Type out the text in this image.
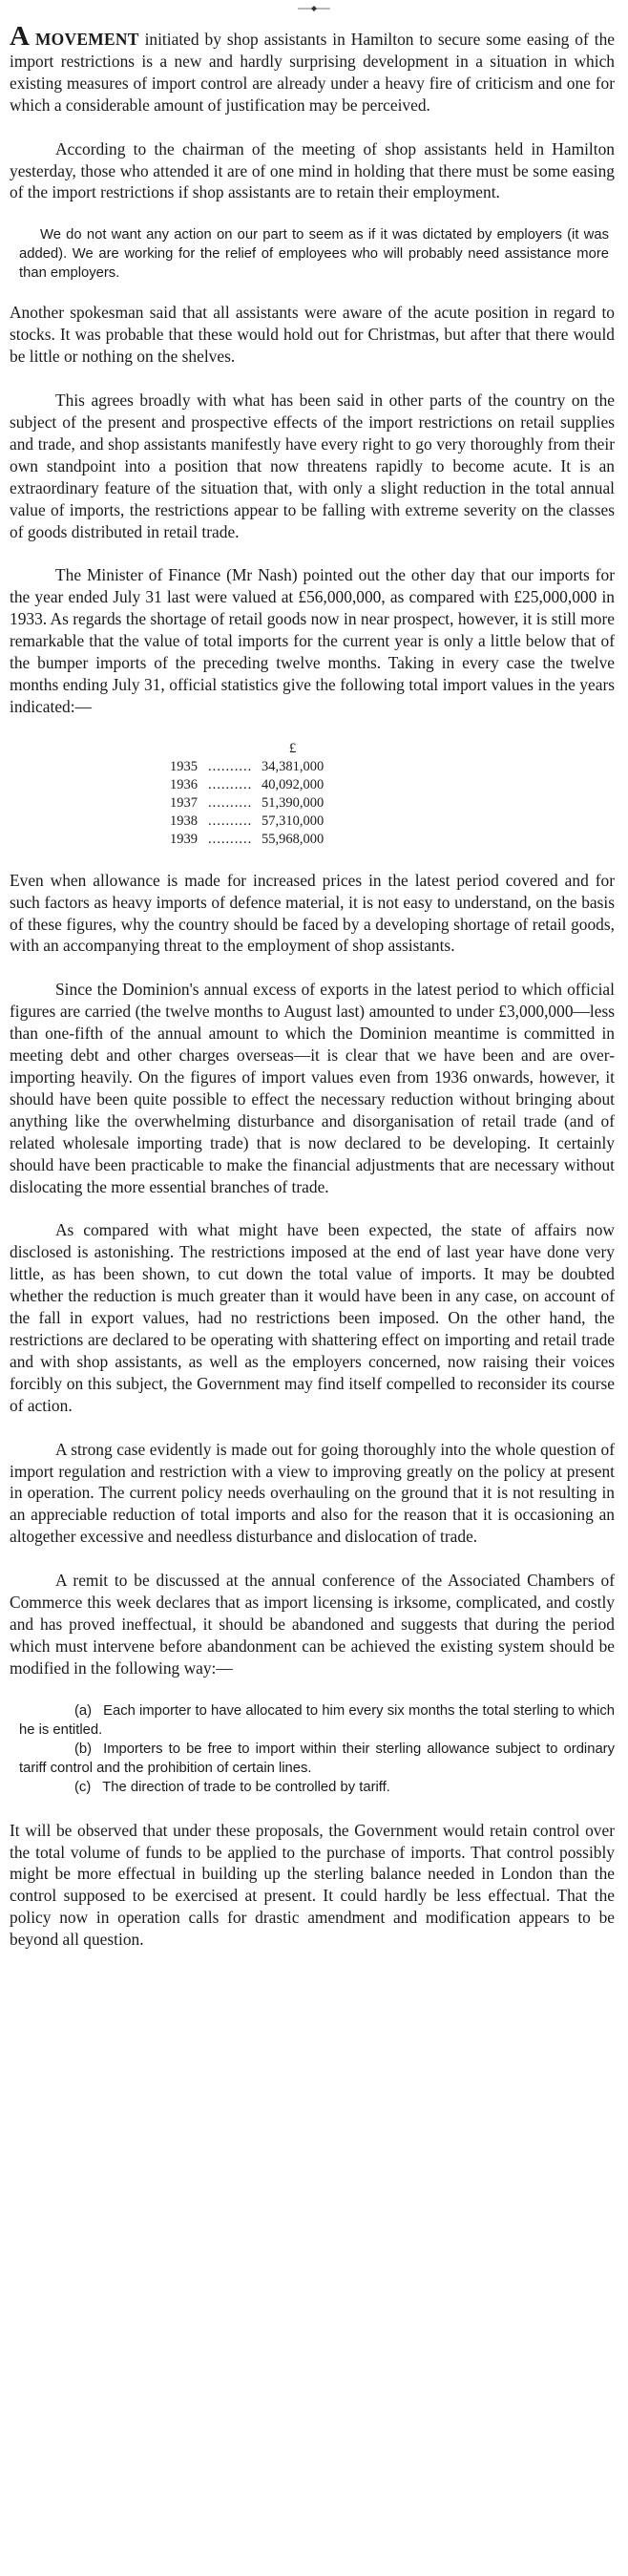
AMOVEMENT initiated by shop assistants in Hamilton to secure some easing of the import restrictions is a new and hardly surprising development in a situation in which existing measures of import control are already under a heavy fire of criticism and one for which a considerable amount of justification may be perceived.

According to the chairman of the meeting of shop assistants held in Hamilton yesterday, those who attended it are of one mind in holding that there must be some easing of the import restrictions if shop assistants are to retain their employment.

We do not want any action on our part to seem as if it was dictated by employers (it was added). We are working for the relief of employees who will probably need assistance more than employers.

Another spokesman said that all assistants were aware of the acute position in regard to stocks. It was probable that these would hold out for Christmas, but after that there would be little or nothing on the shelves.

This agrees broadly with what has been said in other parts of the country on the subject of the present and prospective effects of the import restrictions on retail supplies and trade, and shop assistants manifestly have every right to go very thoroughly from their own standpoint into a position that now threatens rapidly to become acute. It is an extraordinary feature of the situation that, with only a slight reduction in the total annual value of imports, the restrictions appear to be falling with extreme severity on the classes of goods distributed in retail trade.

The Minister of Finance (Mr Nash) pointed out the other day that our imports for the year ended July 31 last were valued at £56,000,000, as compared with £25,000,000 in 1933. As regards the shortage of retail goods now in near prospect, however, it is still more remarkable that the value of total imports for the current year is only a little below that of the bumper imports of the preceding twelve months. Taking in every case the twelve months ending July 31, official statistics give the following total import values in the years indicated:—

		£
1935	..........	34,381,000
1936	..........	40,092,000
1937	..........	51,390,000
1938	..........	57,310,000
1939	..........	55,968,000

Even when allowance is made for increased prices in the latest period covered and for such factors as heavy imports of defence material, it is not easy to understand, on the basis of these figures, why the country should be faced by a developing shortage of retail goods, with an accompanying threat to the employment of shop assistants.

Since the Dominion's annual excess of exports in the latest period to which official figures are carried (the twelve months to August last) amounted to under £3,000,000—less than one-fifth of the annual amount to which the Dominion meantime is committed in meeting debt and other charges overseas—it is clear that we have been and are over-importing heavily. On the figures of import values even from 1936 onwards, however, it should have been quite possible to effect the necessary reduction without bringing about anything like the overwhelming disturbance and disorganisation of retail trade (and of related wholesale importing trade) that is now declared to be developing. It certainly should have been practicable to make the financial adjustments that are necessary without dislocating the more essential branches of trade.

As compared with what might have been expected, the state of affairs now disclosed is astonishing. The restrictions imposed at the end of last year have done very little, as has been shown, to cut down the total value of imports. It may be doubted whether the reduction is much greater than it would have been in any case, on account of the fall in export values, had no restrictions been imposed. On the other hand, the restrictions are declared to be operating with shattering effect on importing and retail trade and with shop assistants, as well as the employers concerned, now raising their voices forcibly on this subject, the Government may find itself compelled to reconsider its course of action.

A strong case evidently is made out for going thoroughly into the whole question of import regulation and restriction with a view to improving greatly on the policy at present in operation. The current policy needs overhauling on the ground that it is not resulting in an appreciable reduction of total imports and also for the reason that it is occasioning an altogether excessive and needless disturbance and dislocation of trade.

A remit to be discussed at the annual conference of the Associated Chambers of Commerce this week declares that as import licensing is irksome, complicated, and costly and has proved ineffectual, it should be abandoned and suggests that during the period which must intervene before abandonment can be achieved the existing system should be modified in the following way:—

(a) Each importer to have allocated to him every six months the total sterling to which he is entitled.
(b) Importers to be free to import within their sterling allowance subject to ordinary tariff control and the prohibition of certain lines.
(c) The direction of trade to be controlled by tariff.

It will be observed that under these proposals, the Government would retain control over the total volume of funds to be applied to the purchase of imports. That control possibly might be more effectual in building up the sterling balance needed in London than the control supposed to be exercised at present. It could hardly be less effectual. That the policy now in operation calls for drastic amendment and modification appears to be beyond all question.
